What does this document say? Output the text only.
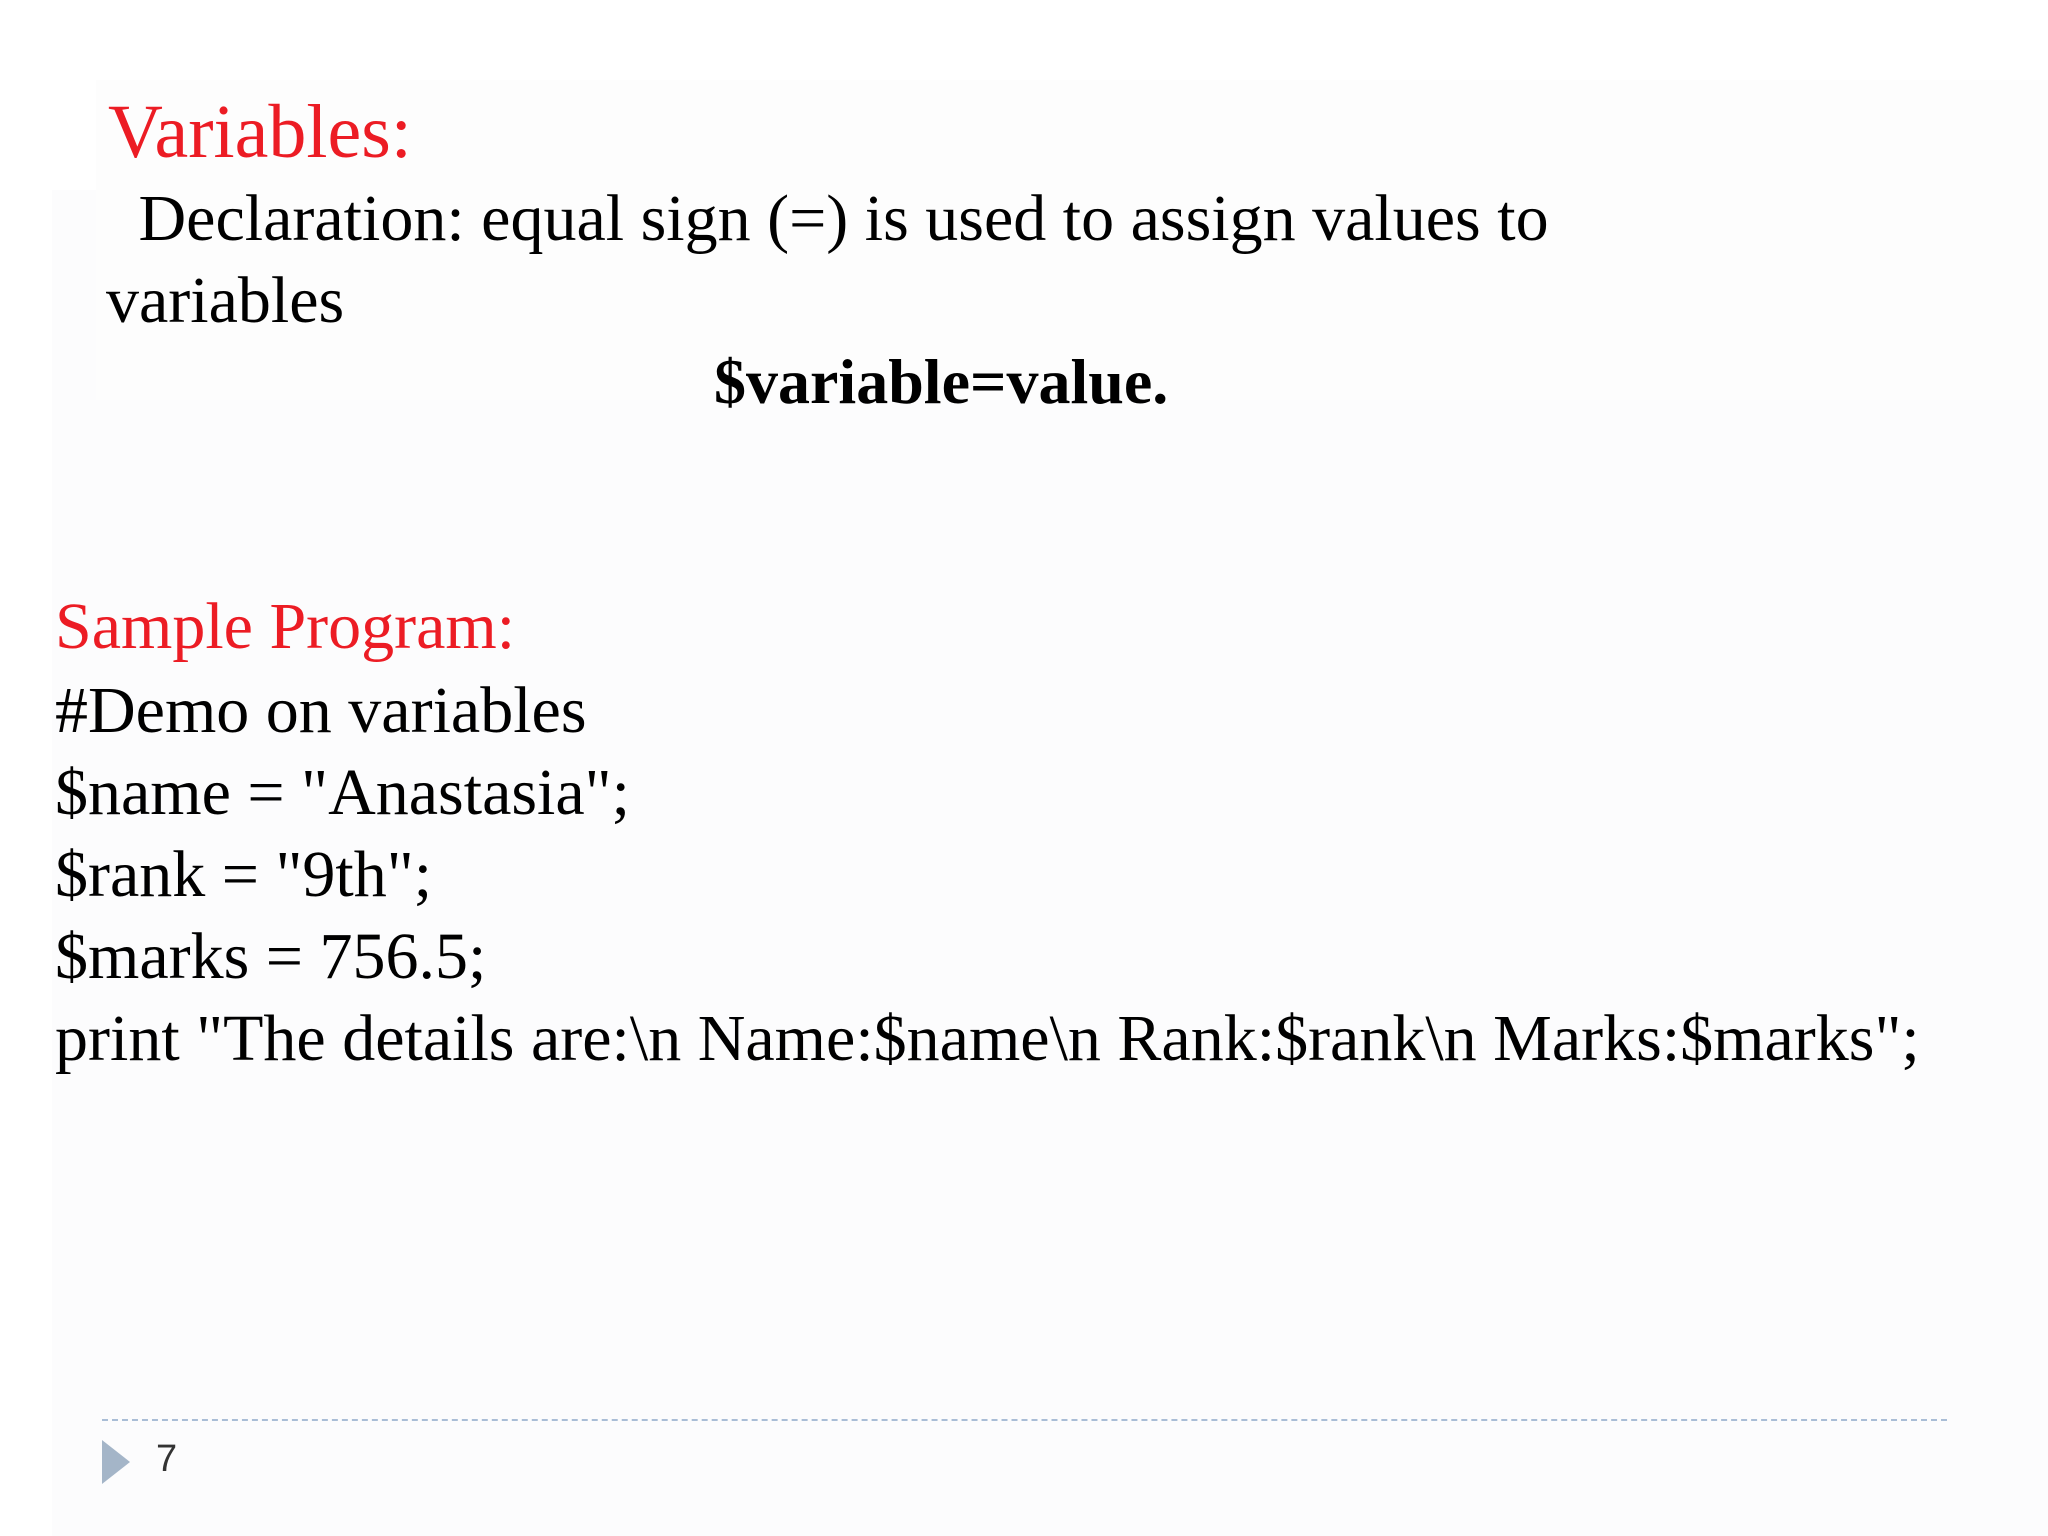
Variables:
Declaration: equal sign (=) is used to assign values to
variables
$variable=value.
Sample Program:
#Demo on variables
$name = "Anastasia";
$rank = "9th";
$marks = 756.5;
print "The details are:\n Name:$name\n Rank:$rank\n Marks:$marks";
7
